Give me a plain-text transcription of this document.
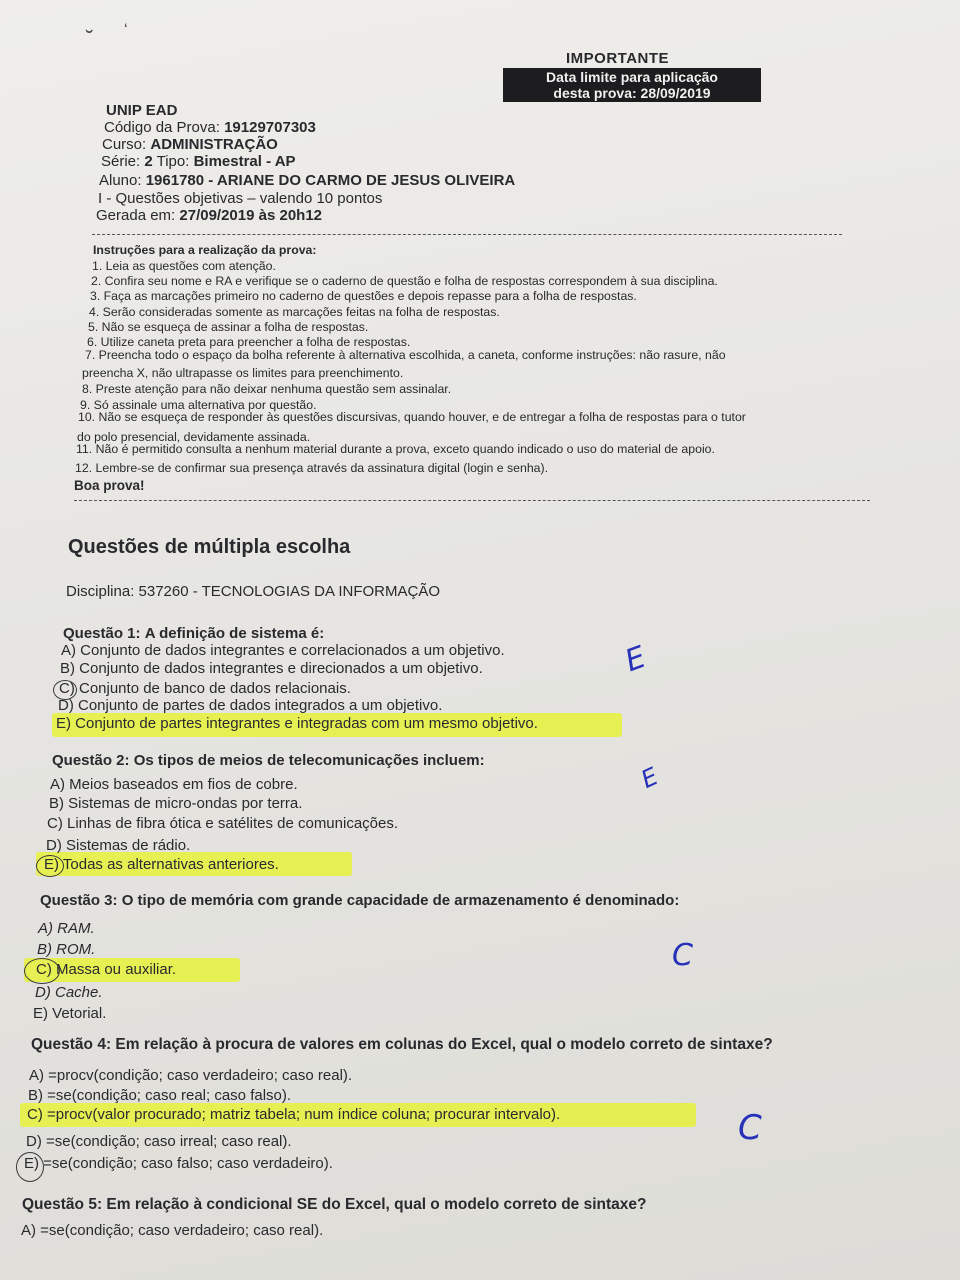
˘ ʻ
IMPORTANTE
Data limite para aplicação
desta prova: 28/09/2019
UNIP EAD
Código da Prova: 19129707303
Curso: ADMINISTRAÇÃO
Série: 2 Tipo: Bimestral - AP
Aluno: 1961780 - ARIANE DO CARMO DE JESUS OLIVEIRA
I - Questões objetivas – valendo 10 pontos
Gerada em: 27/09/2019 às 20h12
Instruções para a realização da prova:
1. Leia as questões com atenção.
2. Confira seu nome e RA e verifique se o caderno de questão e folha de respostas correspondem à sua disciplina.
3. Faça as marcações primeiro no caderno de questões e depois repasse para a folha de respostas.
4. Serão consideradas somente as marcações feitas na folha de respostas.
5. Não se esqueça de assinar a folha de respostas.
6. Utilize caneta preta para preencher a folha de respostas.
7. Preencha todo o espaço da bolha referente à alternativa escolhida, a caneta, conforme instruções: não rasure, não
preencha X, não ultrapasse os limites para preenchimento.
8. Preste atenção para não deixar nenhuma questão sem assinalar.
9. Só assinale uma alternativa por questão.
10. Não se esqueça de responder às questões discursivas, quando houver, e de entregar a folha de respostas para o tutor
do polo presencial, devidamente assinada.
11. Não é permitido consulta a nenhum material durante a prova, exceto quando indicado o uso do material de apoio.
12. Lembre-se de confirmar sua presença através da assinatura digital (login e senha).
Boa prova!
Questões de múltipla escolha
Disciplina: 537260 - TECNOLOGIAS DA INFORMAÇÃO
Questão 1: A definição de sistema é:
A) Conjunto de dados integrantes e correlacionados a um objetivo.
B) Conjunto de dados integrantes e direcionados a um objetivo.
C) Conjunto de banco de dados relacionais.
D) Conjunto de partes de dados integrados a um objetivo.
E) Conjunto de partes integrantes e integradas com um mesmo objetivo.
E
Questão 2: Os tipos de meios de telecomunicações incluem:
A) Meios baseados em fios de cobre.
B) Sistemas de micro-ondas por terra.
C) Linhas de fibra ótica e satélites de comunicações.
D) Sistemas de rádio.
E) Todas as alternativas anteriores.
E
Questão 3: O tipo de memória com grande capacidade de armazenamento é denominado:
A) RAM.
B) ROM.
C) Massa ou auxiliar.
D) Cache.
E) Vetorial.
C
Questão 4: Em relação à procura de valores em colunas do Excel, qual o modelo correto de sintaxe?
A) =procv(condição; caso verdadeiro; caso real).
B) =se(condição; caso real; caso falso).
C) =procv(valor procurado; matriz tabela; num índice coluna; procurar intervalo).
D) =se(condição; caso irreal; caso real).
E) =se(condição; caso falso; caso verdadeiro).
C
Questão 5: Em relação à condicional SE do Excel, qual o modelo correto de sintaxe?
A) =se(condição; caso verdadeiro; caso real).
